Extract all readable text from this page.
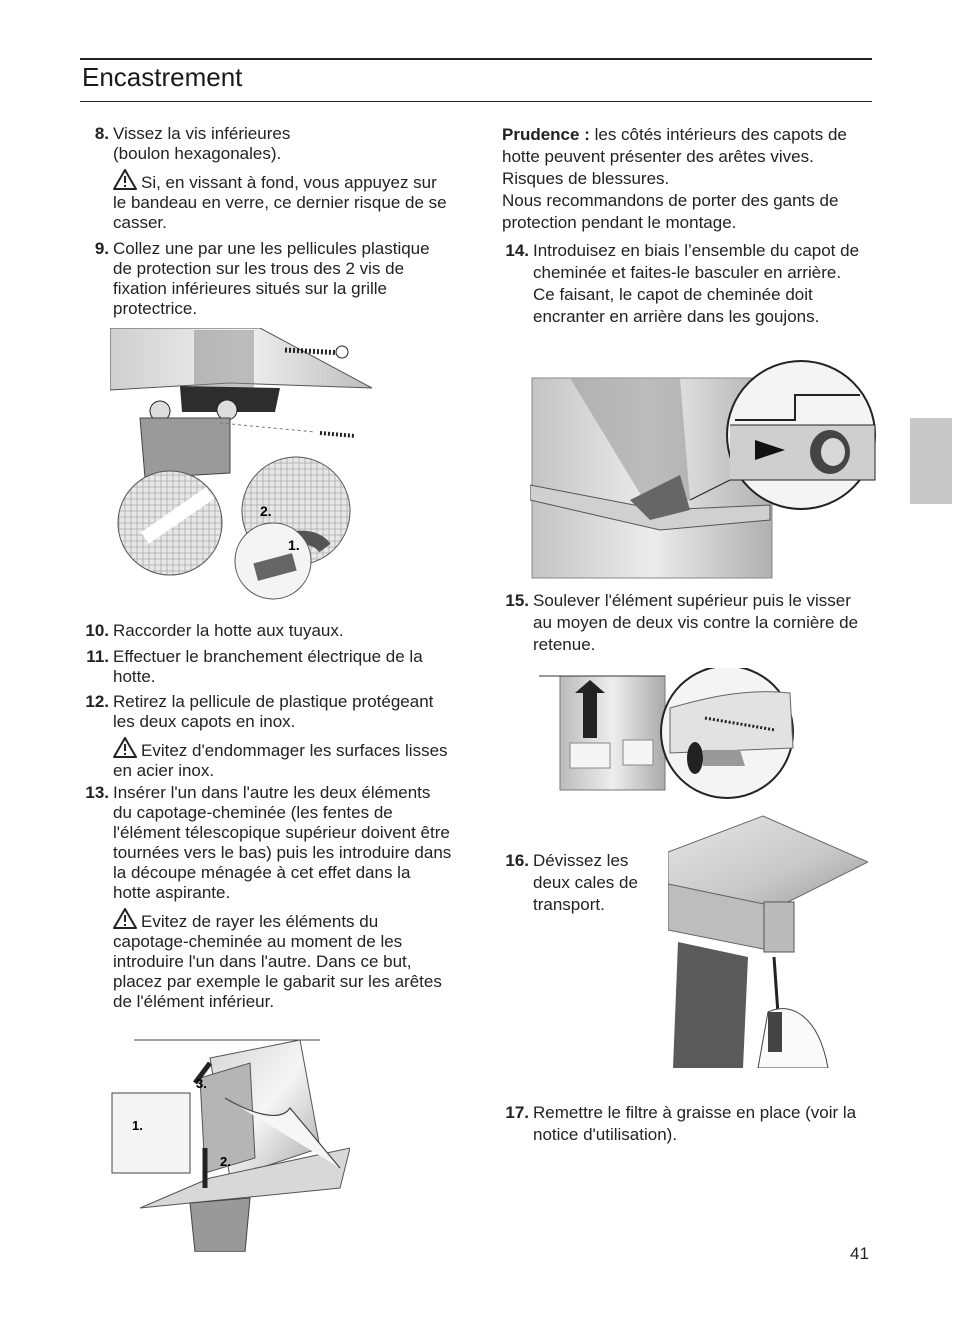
Encastrement
8. Vissez la vis inférieures
(boulon hexagonales).

Si, en vissant à fond, vous appuyez sur le bandeau en verre, ce dernier risque de se casser.

9. Collez une par une les pellicules plastique de protection sur les trous des 2 vis de fixation inférieures situés sur la grille protectrice.

10. Raccorder la hotte aux tuyaux.

11. Effectuer le branchement électrique de la hotte.

12. Retirez la pellicule de plastique protégeant les deux capots en inox.

Evitez d'endommager les surfaces lisses en acier inox.

13. Insérer l'un dans l'autre les deux éléments du capotage-cheminée (les fentes de l'élément télescopique supérieur doivent être tournées vers le bas) puis les introduire dans la découpe ménagée à cet effet dans la hotte aspirante.

Evitez de rayer les éléments du capotage-cheminée au moment de les introduire l'un dans l'autre. Dans ce but, placez par exemple le gabarit sur les arêtes de l'élément inférieur.

2.
1.
3.
1.
2.

Prudence : les côtés intérieurs des capots de hotte peuvent présenter des arêtes vives. Risques de blessures.

Nous recommandons de porter des gants de protection pendant le montage.

14. Introduisez en biais l’ensemble du capot de cheminée et faites-le basculer en arrière.

Ce faisant, le capot de cheminée doit encranter en arrière dans les goujons.

15. Soulever l'élément supérieur puis le visser au moyen de deux vis contre la cornière de retenue.

16. Dévissez les deux cales de transport.

17. Remettre le filtre à graisse en place (voir la notice d'utilisation).

41
